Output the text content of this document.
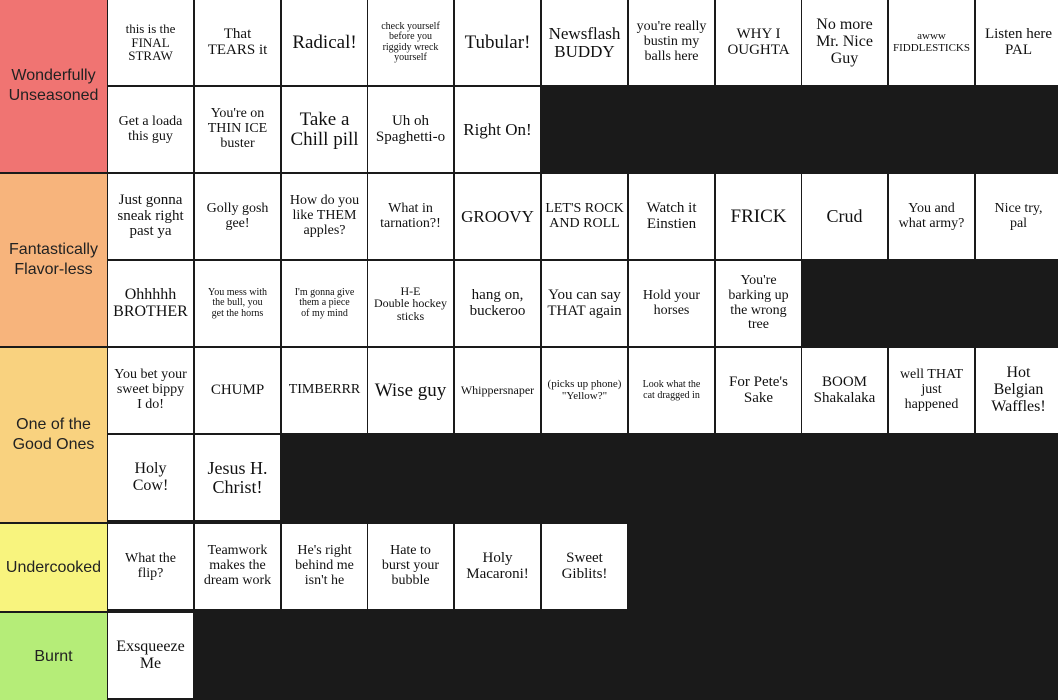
Wonderfully Unseasoned
this is the
FINAL
STRAW
That
TEARS it Radical!
check yourself
before you
riggidy wreck
yourself
Tubular! Newsflash
BUDDY
you're really
bustin my
balls here
WHY I
OUGHTA
No more
Mr. Nice
Guy
awww
FIDDLESTICKS
Listen here
PAL
Get a loada
this guy
You're on
THIN ICE
buster
Take a
Chill pill
Uh oh
Spaghetti-o Right On!
Fantastically Flavor-less
Just gonna
sneak right
past ya
Golly gosh
gee!
How do you
like THEM
apples?
What in
tarnation?! GROOVY LET'S ROCK
AND ROLL
Watch it
Einstien FRICK Crud	You and
what army?
Nice try,
pal
Ohhhhh
BROTHER
You mess with
the bull, you
get the horns
I'm gonna give
them a piece
of my mind
H-E
Double hockey
sticks
hang on,
buckeroo
You can say
THAT again
Hold your
horses
You're
barking up
the wrong
tree
One of the Good Ones
You bet your
sweet bippy
I do!
CHUMP TIMBERRR Wise guy Whippersnaper (picks up phone)
"Yellow?"
Look what the
cat dragged in
For Pete's
Sake
BOOM
Shakalaka
well THAT
just
happened
Hot
Belgian
Waffles!
Holy
Cow!
Jesus H.
Christ!
Undercooked
What the
flip?
Teamwork
makes the
dream work
He's right
behind me
isn't he
Hate to
burst your
bubble
Holy
Macaroni!
Sweet
Giblits!
Burnt
Exsqueeze
Me
